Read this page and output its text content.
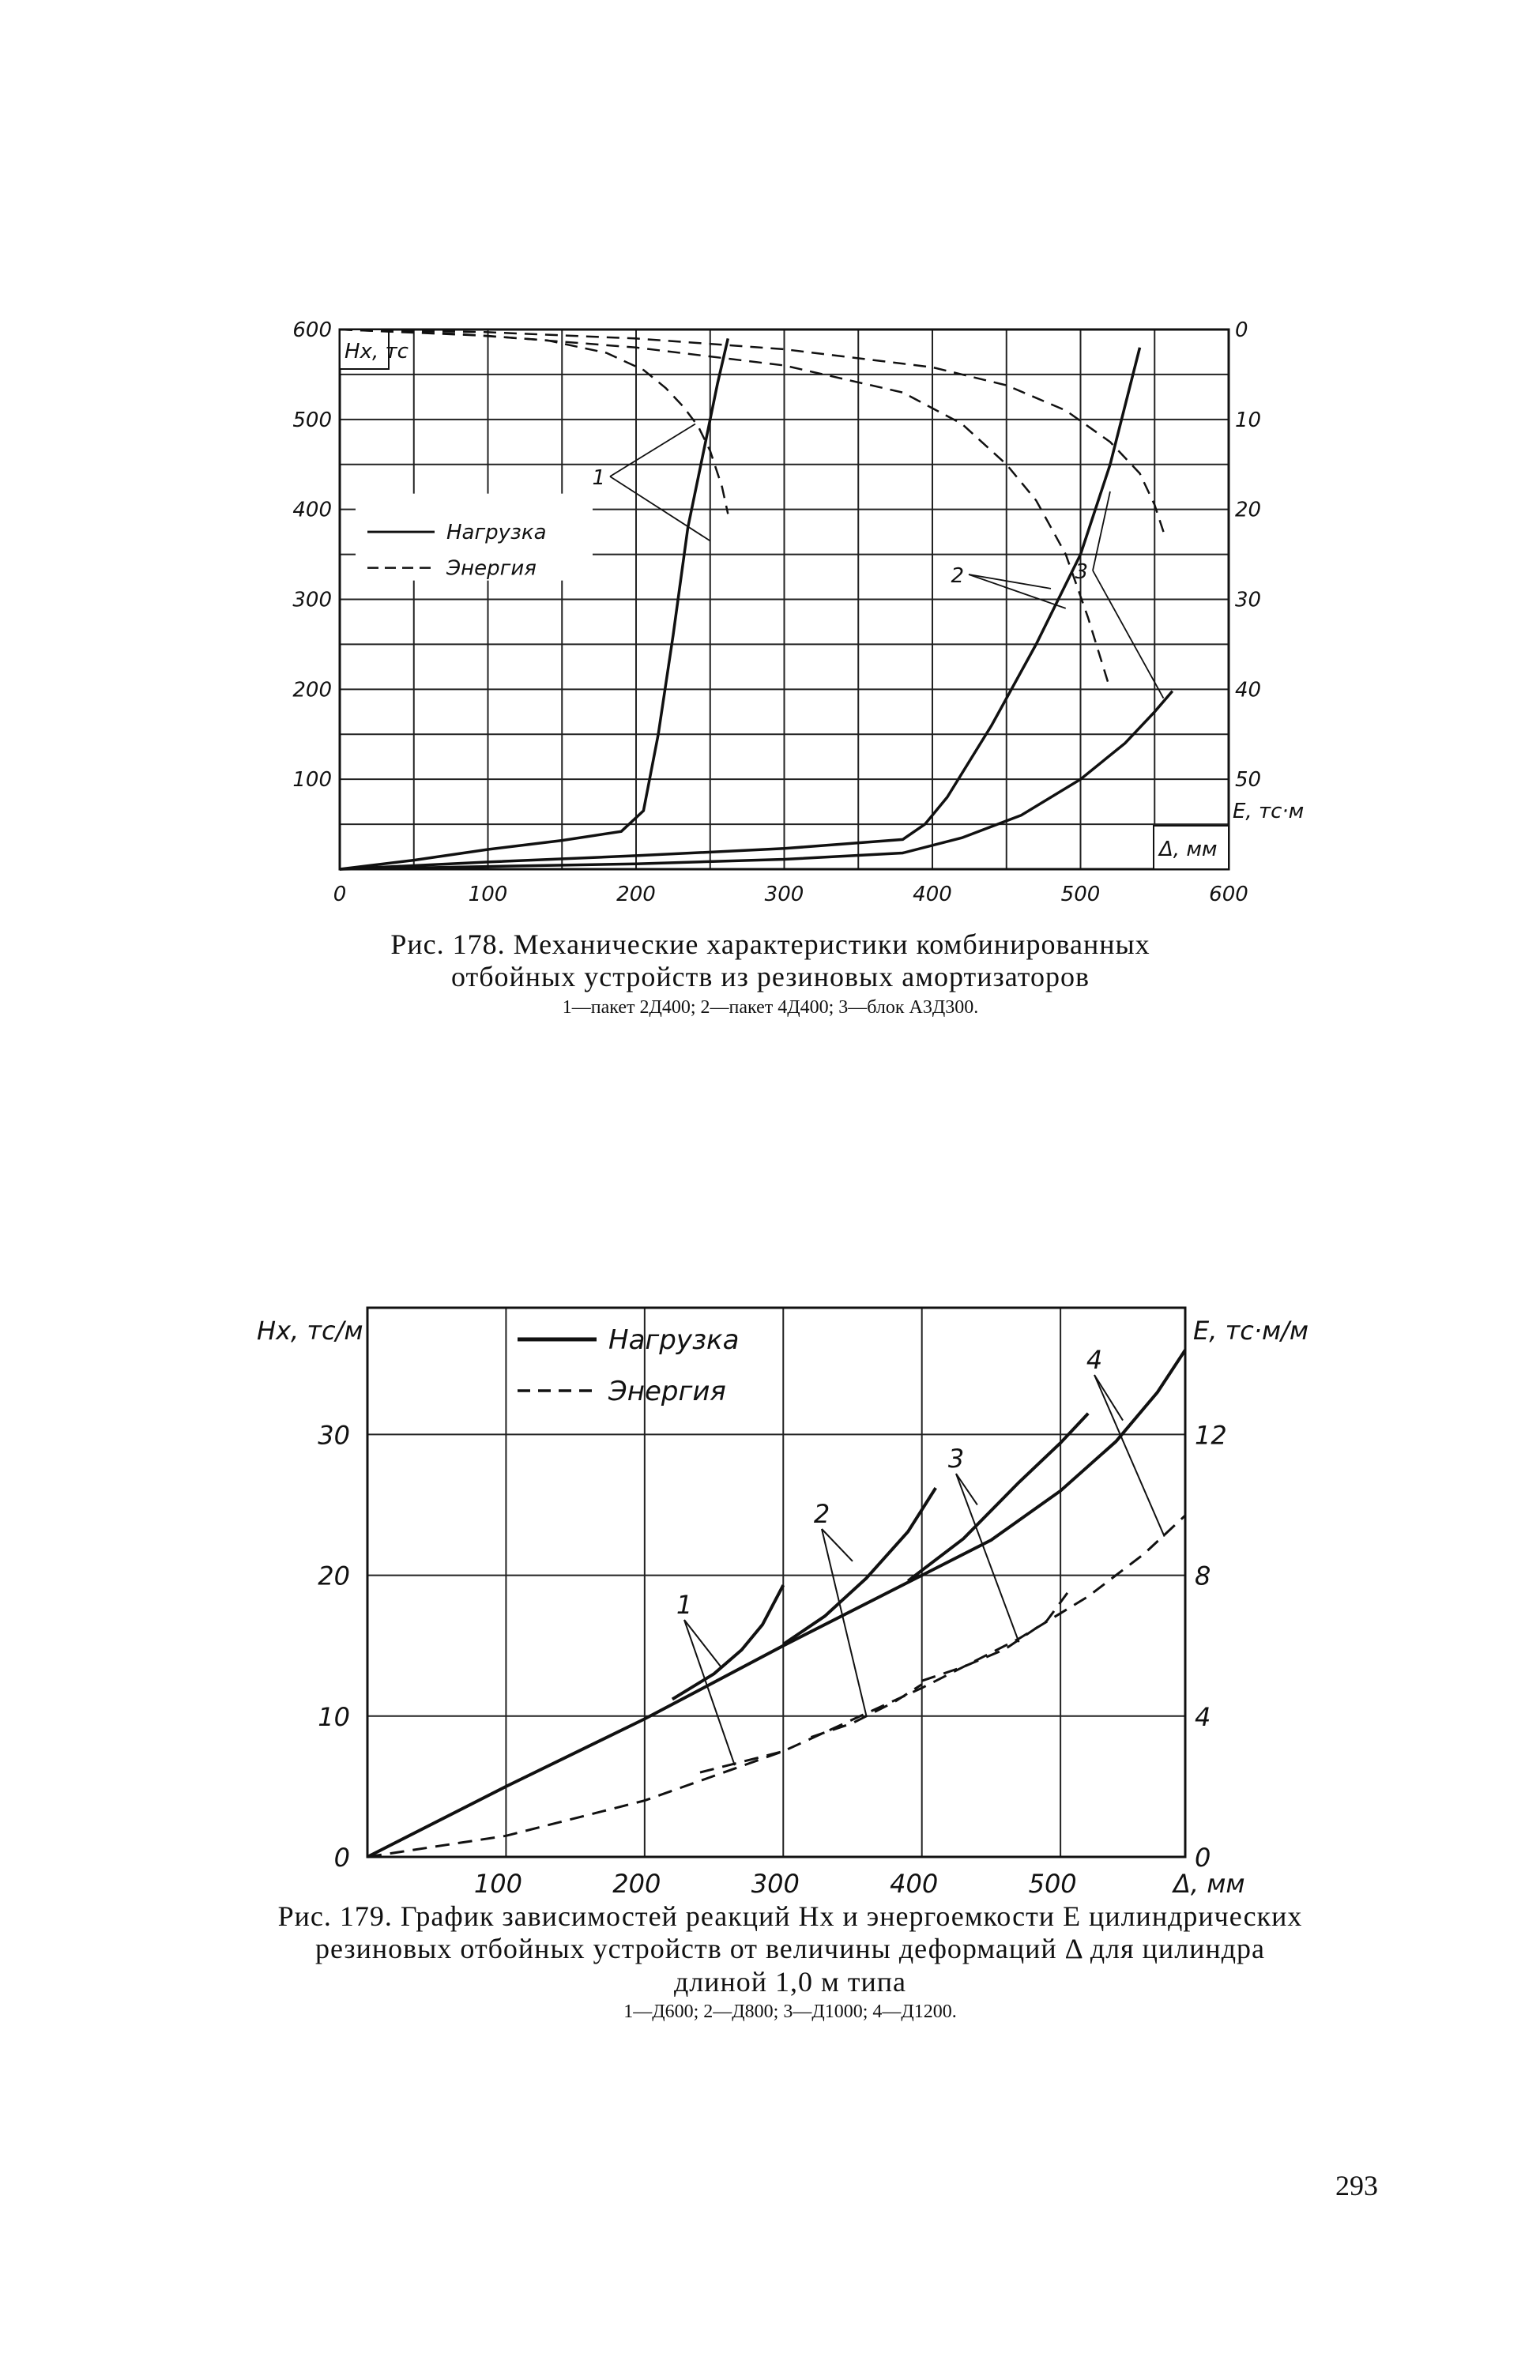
0	100	200	300	400	500	600
100
200
300
400
500
600	0
10
20
30
40
50
Hx, тс
Δ, мм
E, тс·м
Нагрузка
Энергия
1
2	3
Рис. 178. Механические характеристики комбинированных отбойных устройств из резиновых амортизаторов
1—пакет 2Д400; 2—пакет 4Д400; 3—блок А3Д300.
100	200	300	400	500
0
10
20
30
0
4
8
12
Δ, мм
Hx, тс/м	E, тс·м/м
Нагрузка
Энергия
1
2
3
4
Рис. 179. График зависимостей реакций Hx и энергоемкости E цилиндрических резиновых отбойных устройств от величины деформаций Δ для цилиндра длиной 1,0 м типа
1—Д600; 2—Д800; 3—Д1000; 4—Д1200.
293
